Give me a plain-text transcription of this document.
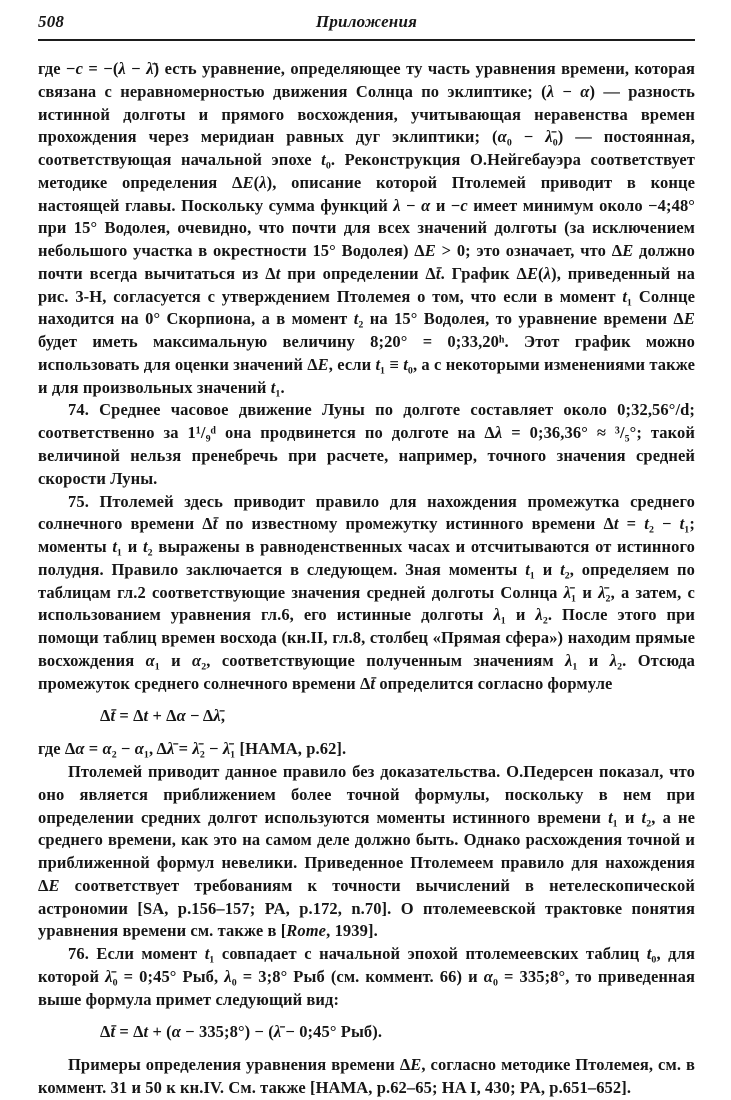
508	Приложения

где −c = −(λ − λ̄) есть уравнение, определяющее ту часть уравнения времени, которая связана с неравномерностью движения Солнца по эклиптике; (λ − α) — разность истинной долготы и прямого восхождения, учитывающая неравенства времен прохождения через меридиан равных дуг эклиптики; (α₀ − λ̄₀) — постоянная, соответствующая начальной эпохе t₀. Реконструкция О.Нейгебауэра соответствует методике определения ΔE(λ), описание которой Птолемей приводит в конце настоящей главы. Поскольку сумма функций λ − α и −c имеет минимум около −4;48° при 15° Водолея, очевидно, что почти для всех значений долготы (за исключением небольшого участка в окрестности 15° Водолея) ΔE > 0; это означает, что ΔE должно почти всегда вычитаться из Δt при определении Δt̄. График ΔE(λ), приведенный на рис. 3-Н, согласуется с утверждением Птолемея о том, что если в момент t₁ Солнце находится на 0° Скорпиона, а в момент t₂ на 15° Водолея, то уравнение времени ΔE будет иметь максимальную величину 8;20° = 0;33,20ʰ. Этот график можно использовать для оценки значений ΔE, если t₁ ≡ t₀, а с некоторыми изменениями также и для произвольных значений t₁.

74. Среднее часовое движение Луны по долготе составляет около 0;32,56°/d; соответственно за 1¹/₉ᵈ она продвинется по долготе на Δλ = 0;36,36° ≈ ³/₅°; такой величиной нельзя пренебречь при расчете, например, точного значения средней скорости Луны.

75. Птолемей здесь приводит правило для нахождения промежутка среднего солнечного времени Δt̄ по известному промежутку истинного времени Δt = t₂ − t₁; моменты t₁ и t₂ выражены в равноденственных часах и отсчитываются от истинного полудня. Правило заключается в следующем. Зная моменты t₁ и t₂, определяем по таблицам гл.2 соответствующие значения средней долготы Солнца λ̄₁ и λ̄₂, а затем, с использованием уравнения гл.6, его истинные долготы λ₁ и λ₂. После этого при помощи таблиц времен восхода (кн.II, гл.8, столбец «Прямая сфера») находим прямые восхождения α₁ и α₂, соответствующие полученным значениям λ₁ и λ₂. Отсюда промежуток среднего солнечного времени Δt̄ определится согласно формуле

Δt̄ = Δt + Δα − Δλ̄,

где Δα = α₂ − α₁, Δλ̄ = λ̄₂ − λ̄₁ [HAMA, p.62].

Птолемей приводит данное правило без доказательства. О.Педерсен показал, что оно является приближением более точной формулы, поскольку в нем при определении средних долгот используются моменты истинного времени t₁ и t₂, а не среднего времени, как это на самом деле должно быть. Однако расхождения точной и приближенной формул невелики. Приведенное Птолемеем правило для нахождения ΔE соответствует требованиям к точности вычислений в нетелескопической астрономии [SA, p.156–157; PA, p.172, n.70]. О птолемеевской трактовке понятия уравнения времени см. также в [Rome, 1939].

76. Если момент t₁ совпадает с начальной эпохой птолемеевских таблиц t₀, для которой λ̄₀ = 0;45° Рыб, λ₀ = 3;8° Рыб (см. коммент. 66) и α₀ = 335;8°, то приведенная выше формула примет следующий вид:

Δt̄ = Δt + (α − 335;8°) − (λ̄ − 0;45° Рыб).

Примеры определения уравнения времени ΔE, согласно методике Птолемея, см. в коммент. 31 и 50 к кн.IV. См. также [HAMA, p.62–65; HA I, 430; PA, p.651–652].
